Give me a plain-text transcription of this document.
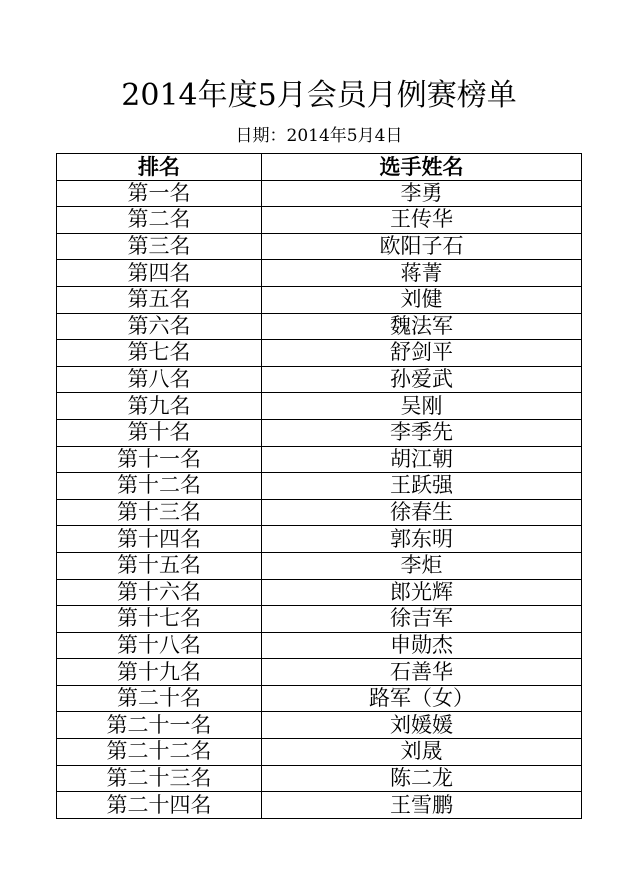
2014年度5月会员月例赛榜单
日期：2014年5月4日
排名	选手姓名
第一名	李勇
第二名	王传华
第三名	欧阳子石
第四名	蒋菁
第五名	刘健
第六名	魏法军
第七名	舒剑平
第八名	孙爱武
第九名	吴刚
第十名	李季先
第十一名	胡江朝
第十二名	王跃强
第十三名	徐春生
第十四名	郭东明
第十五名	李炬
第十六名	郎光辉
第十七名	徐吉军
第十八名	申勋杰
第十九名	石善华
第二十名	路军（女）
第二十一名	刘媛媛
第二十二名	刘晟
第二十三名	陈二龙
第二十四名	王雪鹏
